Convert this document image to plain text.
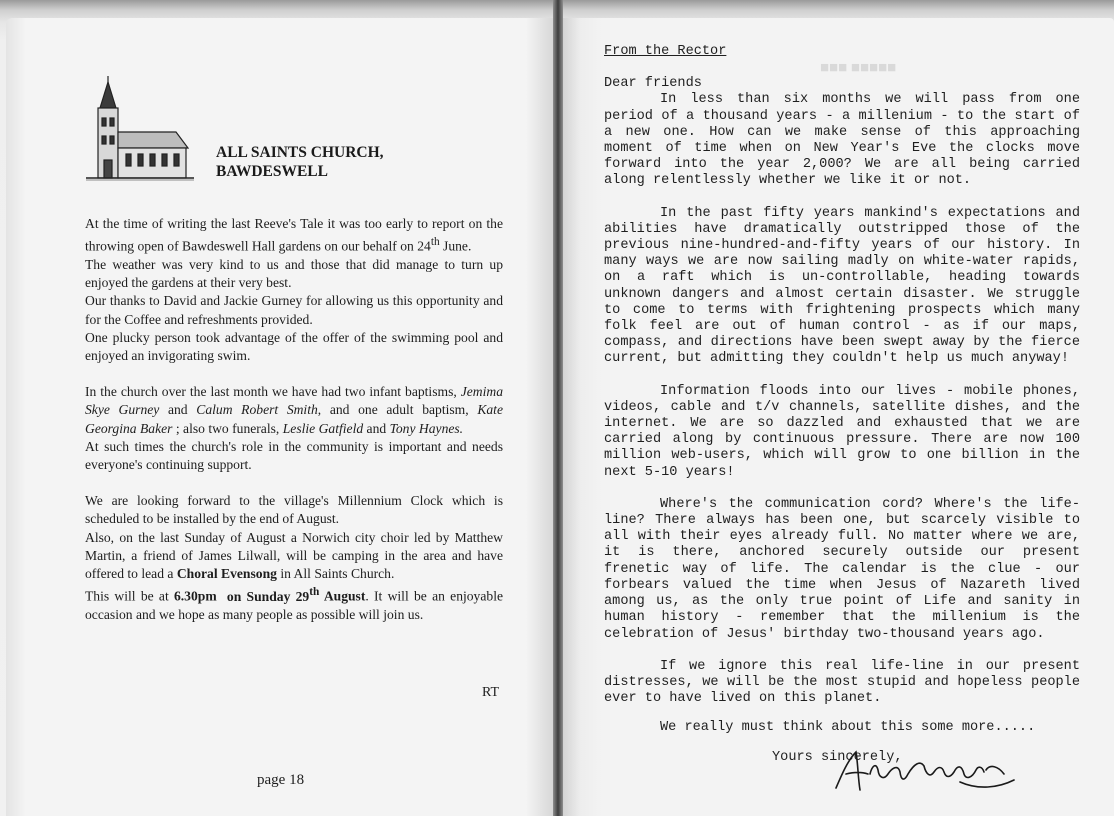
■■■ ■■■■■
ALL SAINTS CHURCH,
BAWDESWELL

At the time of writing the last Reeve's Tale it was too early to report on the throwing open of Bawdeswell Hall gardens on our behalf on 24th June.

The weather was very kind to us and those that did manage to turn up enjoyed the gardens at their very best.

Our thanks to David and Jackie Gurney for allowing us this opportunity and for the Coffee and refreshments provided.

One plucky person took advantage of the offer of the swimming pool and enjoyed an invigorating swim.

In the church over the last month we have had two infant baptisms, Jemima Skye Gurney and Calum Robert Smith, and one adult baptism, Kate Georgina Baker ; also two funerals, Leslie Gatfield and Tony Haynes.

At such times the church's role in the community is important and needs everyone's continuing support.

We are looking forward to the village's Millennium Clock which is scheduled to be installed by the end of August.

Also, on the last Sunday of August a Norwich city choir led by Matthew Martin, a friend of James Lilwall, will be camping in the area and have offered to lead a Choral Evensong in All Saints Church.

This will be at 6.30pm on Sunday 29th August. It will be an enjoyable occasion and we hope as many people as possible will join us.

RT
page 18

From the Rector

Dear friends

In less than six months we will pass from one period of a thousand years - a millenium - to the start of a new one. How can we make sense of this approaching moment of time when on New Year's Eve the clocks move forward into the year 2,000? We are all being carried along relentlessly whether we like it or not.

In the past fifty years mankind's expectations and abilities have dramatically outstripped those of the previous nine-hundred-and-fifty years of our history. In many ways we are now sailing madly on white-water rapids, on a raft which is un-controllable, heading towards unknown dangers and almost certain disaster. We struggle to come to terms with frightening prospects which many folk feel are out of human control - as if our maps, compass, and directions have been swept away by the fierce current, but admitting they couldn't help us much anyway!

Information floods into our lives - mobile phones, videos, cable and t/v channels, satellite dishes, and the internet. We are so dazzled and exhausted that we are carried along by continuous pressure. There are now 100 million web-users, which will grow to one billion in the next 5-10 years!

Where's the communication cord? Where's the life-line? There always has been one, but scarcely visible to all with their eyes already full. No matter where we are, it is there, anchored securely outside our present frenetic way of life. The calendar is the clue - our forbears valued the time when Jesus of Nazareth lived among us, as the only true point of Life and sanity in human history - remember that the millenium is the celebration of Jesus' birthday two-thousand years ago.

If we ignore this real life-line in our present distresses, we will be the most stupid and hopeless people ever to have lived on this planet.

We really must think about this some more.....
Yours sincerely,
